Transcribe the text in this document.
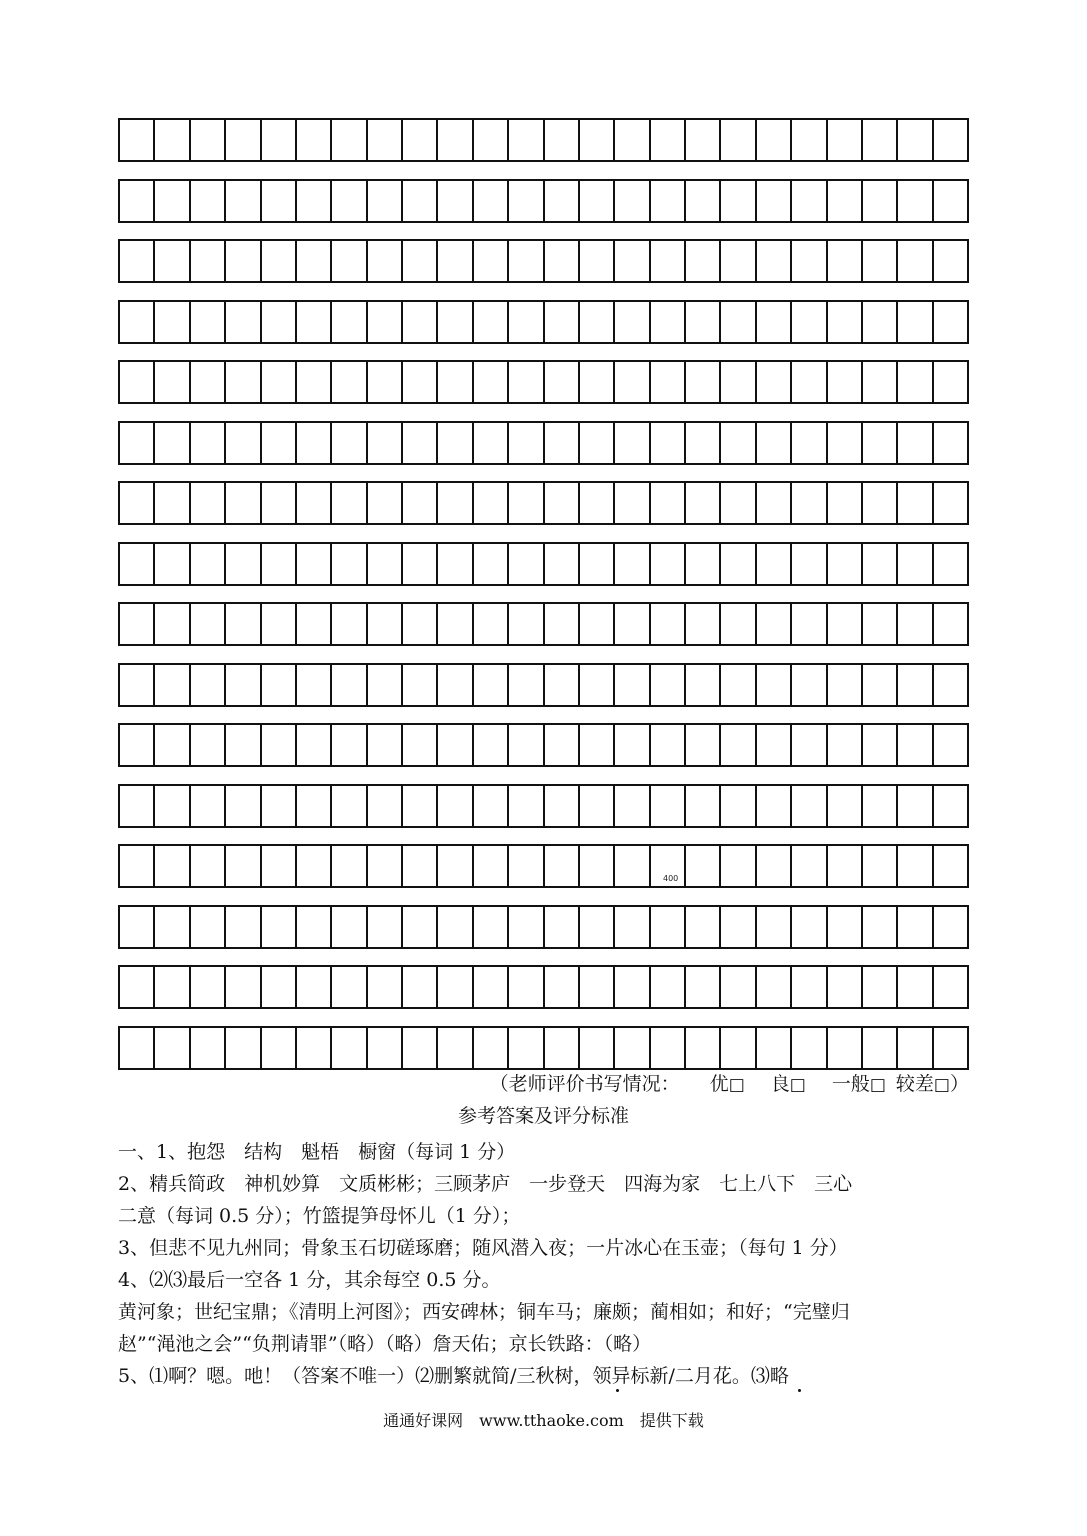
400
（老师评价书写情况： 优□ 良□ 一般□ 较差□）
参考答案及评分标准
一、1、抱怨　结构　魁梧　橱窗（每词 1 分）
2、精兵简政　神机妙算　文质彬彬；三顾茅庐　一步登天　四海为家　七上八下　三心
二意（每词 0.5 分）；竹篮提笋母怀儿（1 分）；
3、但悲不见九州同；骨象玉石切磋琢磨；随风潜入夜；一片冰心在玉壶；（每句 1 分）
4、⑵⑶最后一空各 1 分，其余每空 0.5 分。
黄河象；世纪宝鼎；《清明上河图》；西安碑林；铜车马；廉颇；蔺相如；和好；“完璧归
赵”“渑池之会”“负荆请罪”（略）（略）詹天佑；京长铁路：（略）
5、⑴啊？嗯。吔！（答案不唯一）⑵删繁就简/三秋树，领异标新/二月花。⑶略
通通好课网　www.tthaoke.com　提供下载
